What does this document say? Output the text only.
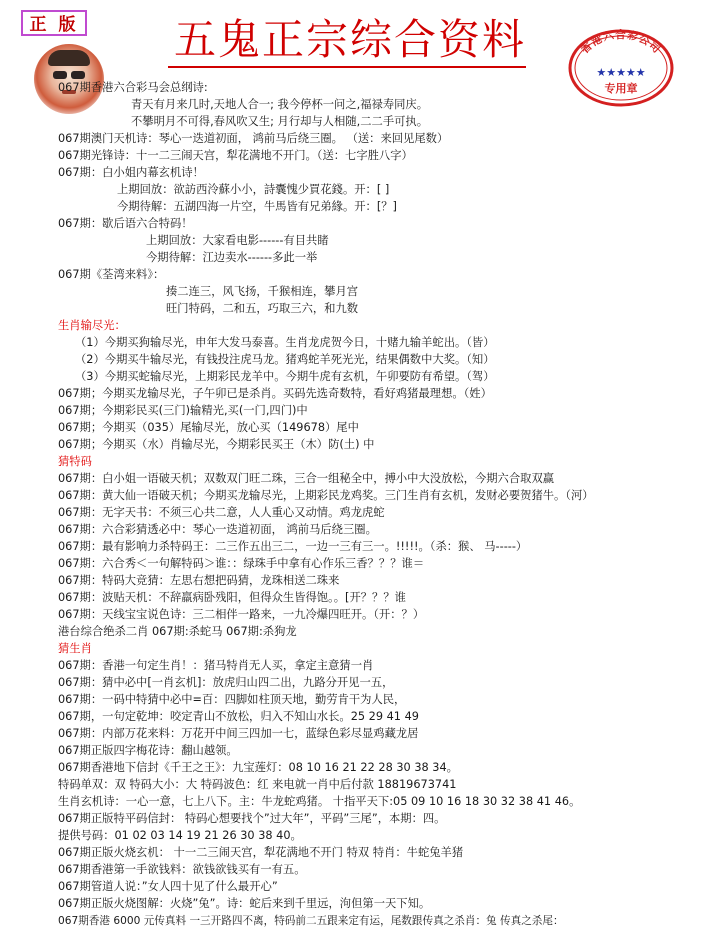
正 版	五鬼正宗综合资料	香港六合彩公司
★★★★★
专用章
067期香港六合彩马会总纲诗:
青天有月来几时,天地人合一; 我今停杯一问之,福禄寿同庆。
不攀明月不可得,春风吹又生; 月行却与人相随,二二手可执。
067期澳门天机诗：琴心一迭道初面， 鸿前马后绕三圈。 （送：来回见尾数）
067期光锋诗：十一二三闹天宫，犁花满地不开门。（送：七字胜八字）
067期：白小姐内幕玄机诗！
上期回放：欲訪西泠蘇小小，詩囊愧少買花錢。开：[ ]
今期待解：五湖四海一片空，牛馬皆有兄弟緣。开：[？]
067期：歇后语六合特码！
上期回放：大家看电影------有目共睹
今期待解：江边卖水------多此一举
067期《荃湾来料》：
揍二连三，风飞扬，千猴相连，攀月宫
旺门特码，二和五，巧取三六，和九数
生肖输尽光：
（1）今期买狗输尽光，申年大发马泰喜。生肖龙虎贺今日，十赌九输羊蛇出。（皆）
（2）今期买牛输尽光，有钱投注虎马龙。猪鸡蛇羊死光光，结果偶数中大奖。（知）
（3）今期买蛇输尽光，上期彩民龙羊中。今期牛虎有玄机，午卯要防有希望。（驾）
067期；今期买龙输尽光，子午卯已是杀肖。买码先选奇数特，看好鸡猪最理想。（姓）
067期；今期彩民买(三门)输精光,买(一门,四门)中
067期；今期买（035）尾输尽光，放心买（149678）尾中
067期；今期买（水）肖输尽光，今期彩民买王（木）防(土) 中
猜特码
067期：白小姐一语破天机；双数双门旺二珠，三合一组秘全中，搏小中大没放松，今期六合取双赢
067期：黄大仙一语破天机；今期买龙输尽光，上期彩民龙鸡奖。三门生肖有玄机，发财必要贺猪牛。（河）
067期：无字天书：不须三心共二意，人人重心又动情。鸡龙虎蛇
067期：六合彩猜透必中：琴心一迭道初面， 鸿前马后绕三圈。
067期：最有影响力杀特码王：二三作五出三二，一边一三有三一。!!!!!。（杀：猴、 马-----）
067期：六合秀＜一句解特码＞谁：：绿珠手中拿有心作乐三香？？？谁＝
067期：特码大竞猜：左思右想把码猜，龙珠相送二珠来
067期：波贴天机：不辞羸病卧残阳，但得众生皆得饱。。[开？？？谁
067期：天线宝宝说色诗：三二相伴一路来，一九冷爆四旺开。（开：？）
港台综合绝杀二肖 067期:杀蛇马 067期:杀狗龙
猜生肖
067期：香港一句定生肖！：猪马特肖无人买，拿定主意猜一肖
067期：猜中必中[一肖玄机]：放虎归山四二出，九路分开见一五，
067期：一码中特猜中必中=百：四脚如柱顶天地，勤劳肯干为人民，
067期，一句定乾坤：咬定青山不放松，归入不知山水长。25 29 41 49
067期：内部万花来料：万花开中间三四加一七，蓝绿色彩尽显鸡藏龙居
067期正版四字梅花诗：翻山越领。
067期香港地下信封《千王之王》：九宝莲灯：08 10 16 21 22 28 30 38 34。
特码单双：双 特码大小：大 特码波色：红 来电就一肖中后付款 18819673741
生肖玄机诗：一心一意，七上八下。主：牛龙蛇鸡猪。 十指平天下:05 09 10 16 18 30 32 38 41 46。
067期正版特平码信封： 特码心想要找个”过大年”，平码”三尾”，本期：四。
提供号码：01 02 03 14 19 21 26 30 38 40。
067期正版火烧玄机： 十一二三闹天宫，犁花满地不开门 特双 特肖：牛蛇兔羊猪
067期香港第一手欲钱料：欲钱欲钱买有一有五。
067期管道人说：”女人四十见了什么最开心”
067期正版火烧图解：火烧”兔”。诗：蛇后来到千里远，泃但第一天下知。
067期香港 6000 元传真料 一三开路四不离，特码前二五跟来定有运，尾数跟传真之杀肖：兔 传真之杀尾：
